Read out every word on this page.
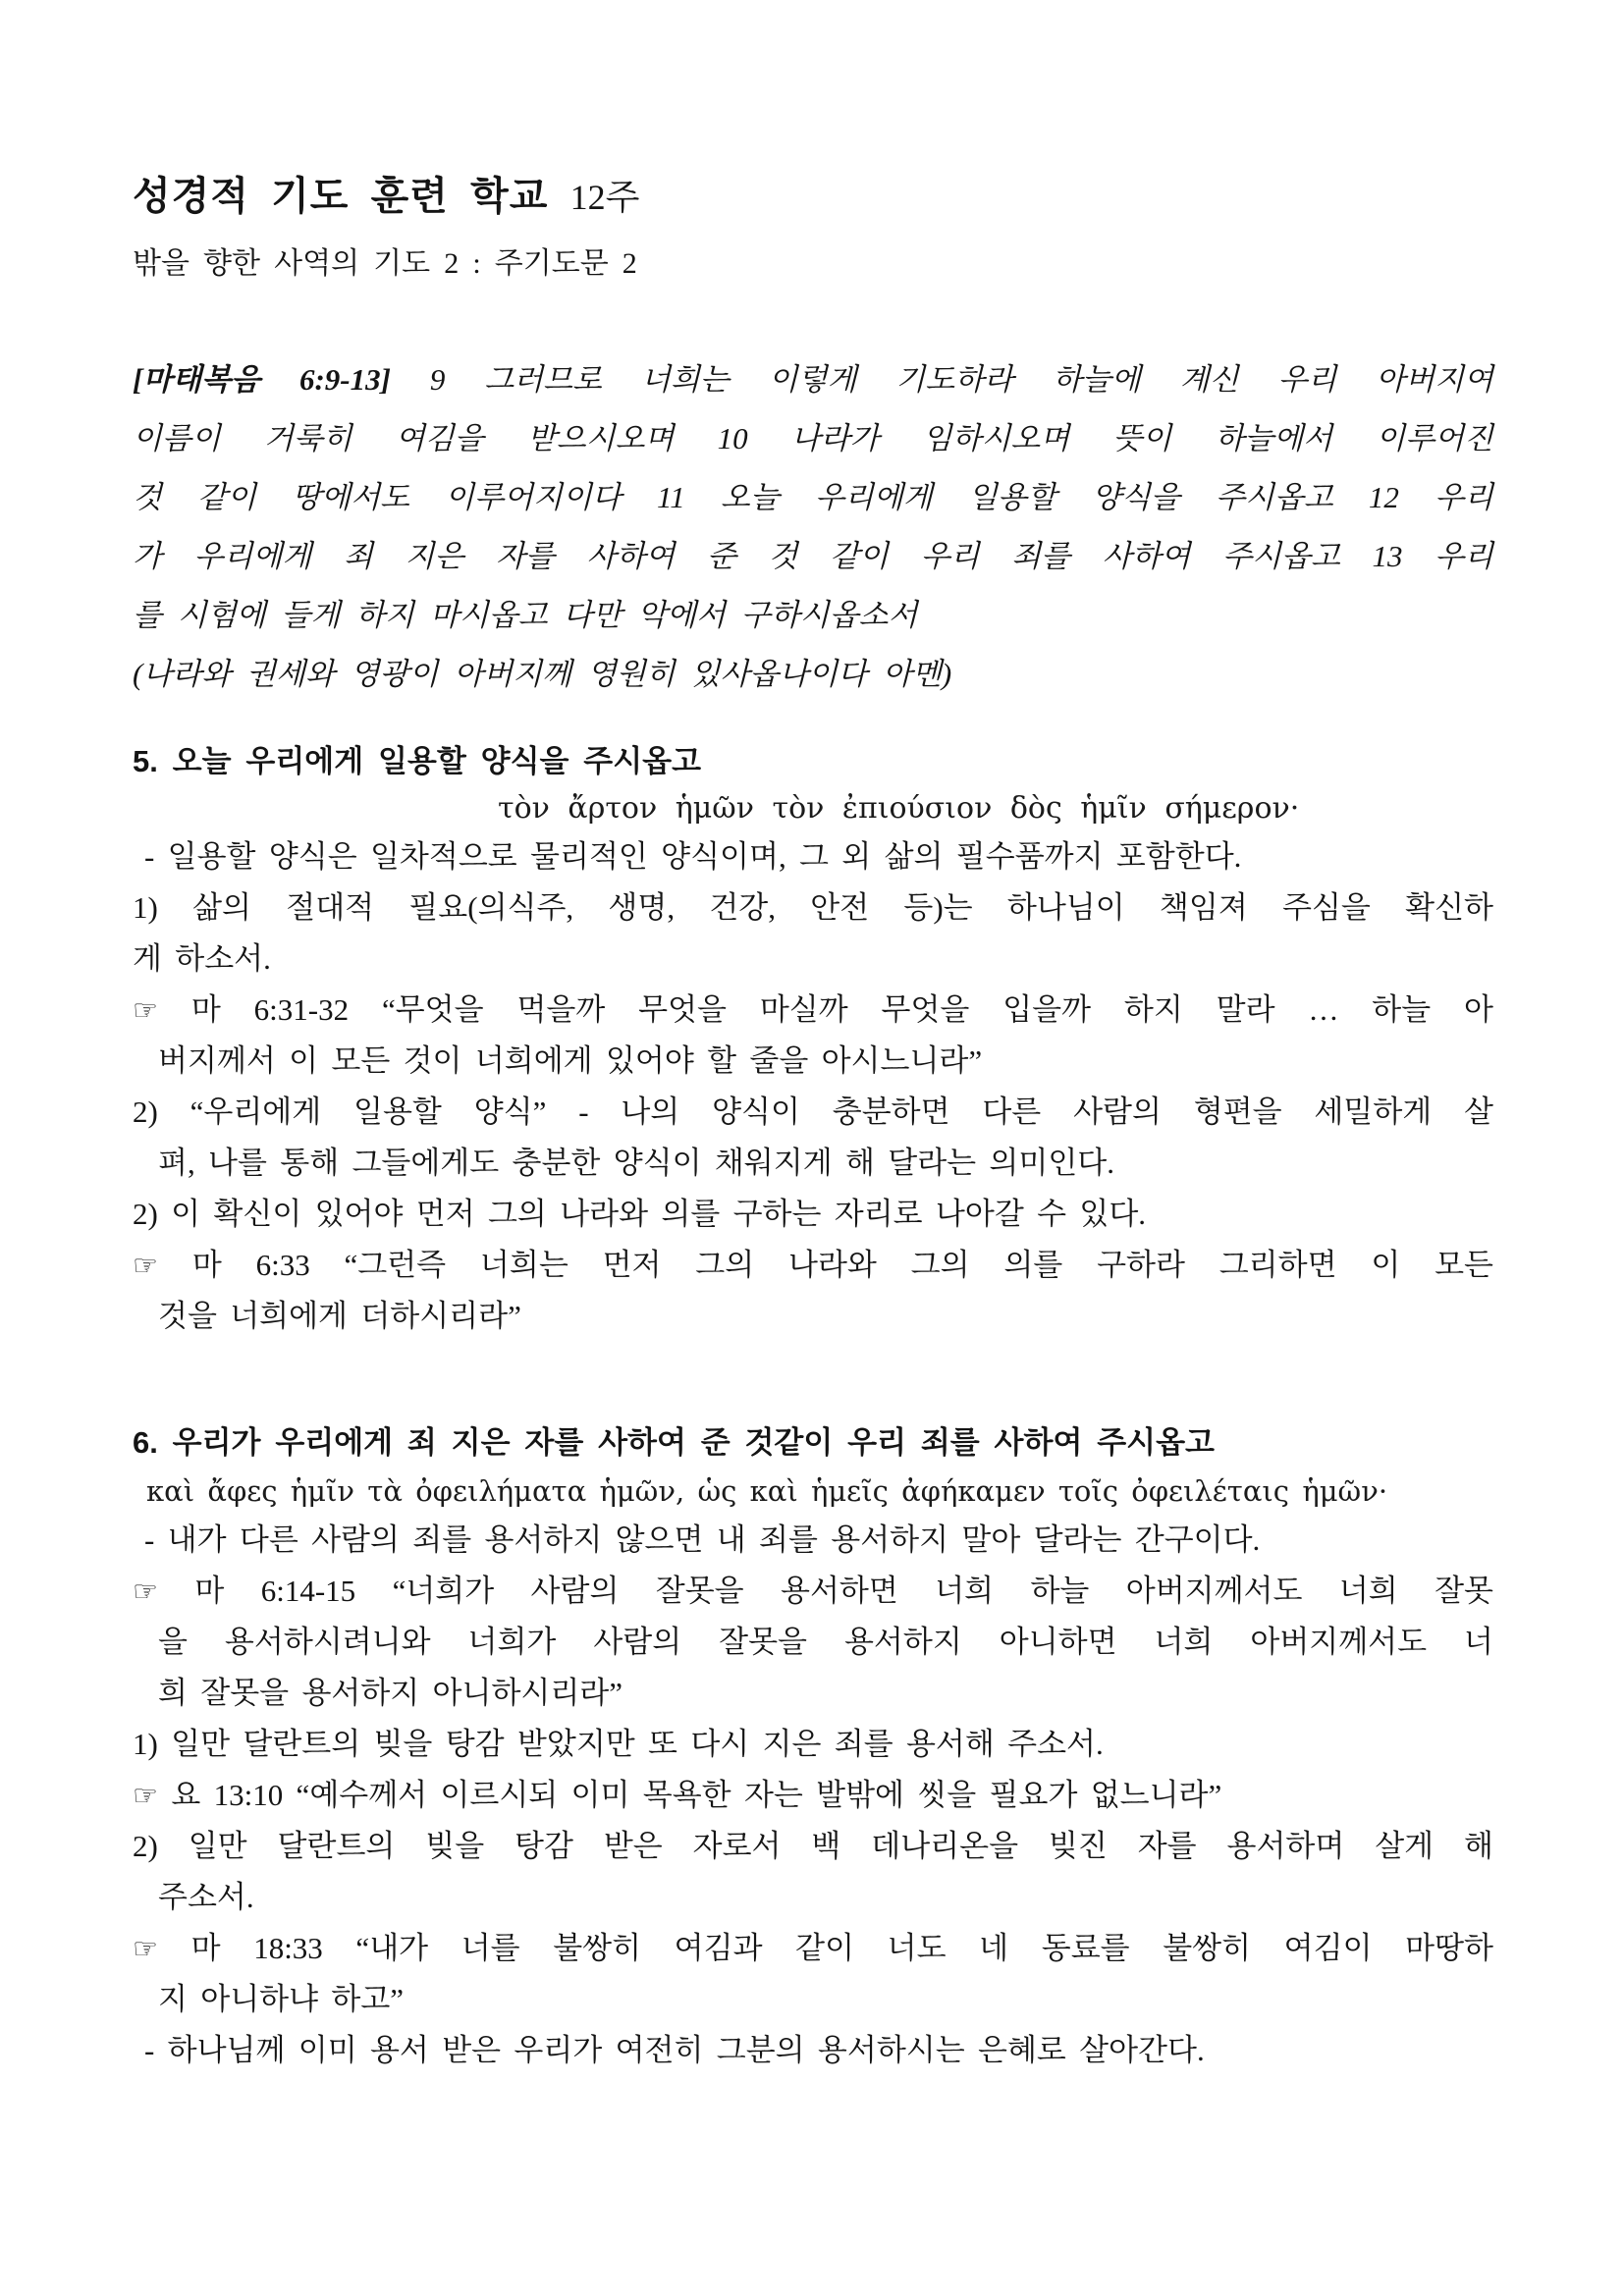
성경적 기도 훈련 학교 12주
밖을 향한 사역의 기도 2 : 주기도문 2
[마태복음 6:9-13] 9 그러므로 너희는 이렇게 기도하라 하늘에 계신 우리 아버지여
이름이 거룩히 여김을 받으시오며 10 나라가 임하시오며 뜻이 하늘에서 이루어진
것 같이 땅에서도 이루어지이다 11 오늘 우리에게 일용할 양식을 주시옵고 12 우리
가 우리에게 죄 지은 자를 사하여 준 것 같이 우리 죄를 사하여 주시옵고 13 우리
를 시험에 들게 하지 마시옵고 다만 악에서 구하시옵소서
(나라와 권세와 영광이 아버지께 영원히 있사옵나이다 아멘)
5. 오늘 우리에게 일용할 양식을 주시옵고
τὸν ἄρτον ἡμῶν τὸν ἐπιούσιον δὸς ἡμῖν σήμερον·
- 일용할 양식은 일차적으로 물리적인 양식이며, 그 외 삶의 필수품까지 포함한다.
1) 삶의 절대적 필요(의식주, 생명, 건강, 안전 등)는 하나님이 책임져 주심을 확신하
게 하소서.
☞ 마 6:31-32 “무엇을 먹을까 무엇을 마실까 무엇을 입을까 하지 말라 … 하늘 아
버지께서 이 모든 것이 너희에게 있어야 할 줄을 아시느니라”
2) “우리에게 일용할 양식” - 나의 양식이 충분하면 다른 사람의 형편을 세밀하게 살
펴, 나를 통해 그들에게도 충분한 양식이 채워지게 해 달라는 의미인다.
2) 이 확신이 있어야 먼저 그의 나라와 의를 구하는 자리로 나아갈 수 있다.
☞ 마 6:33 “그런즉 너희는 먼저 그의 나라와 그의 의를 구하라 그리하면 이 모든
것을 너희에게 더하시리라”
6. 우리가 우리에게 죄 지은 자를 사하여 준 것같이 우리 죄를 사하여 주시옵고
καὶ ἄφες ἡμῖν τὰ ὀφειλήματα ἡμῶν, ὡς καὶ ἡμεῖς ἀφήκαμεν τοῖς ὀφειλέταις ἡμῶν·
- 내가 다른 사람의 죄를 용서하지 않으면 내 죄를 용서하지 말아 달라는 간구이다.
☞ 마 6:14-15 “너희가 사람의 잘못을 용서하면 너희 하늘 아버지께서도 너희 잘못
을 용서하시려니와 너희가 사람의 잘못을 용서하지 아니하면 너희 아버지께서도 너
희 잘못을 용서하지 아니하시리라”
1) 일만 달란트의 빚을 탕감 받았지만 또 다시 지은 죄를 용서해 주소서.
☞ 요 13:10 “예수께서 이르시되 이미 목욕한 자는 발밖에 씻을 필요가 없느니라”
2) 일만 달란트의 빚을 탕감 받은 자로서 백 데나리온을 빚진 자를 용서하며 살게 해
주소서.
☞ 마 18:33 “내가 너를 불쌍히 여김과 같이 너도 네 동료를 불쌍히 여김이 마땅하
지 아니하냐 하고”
- 하나님께 이미 용서 받은 우리가 여전히 그분의 용서하시는 은혜로 살아간다.
